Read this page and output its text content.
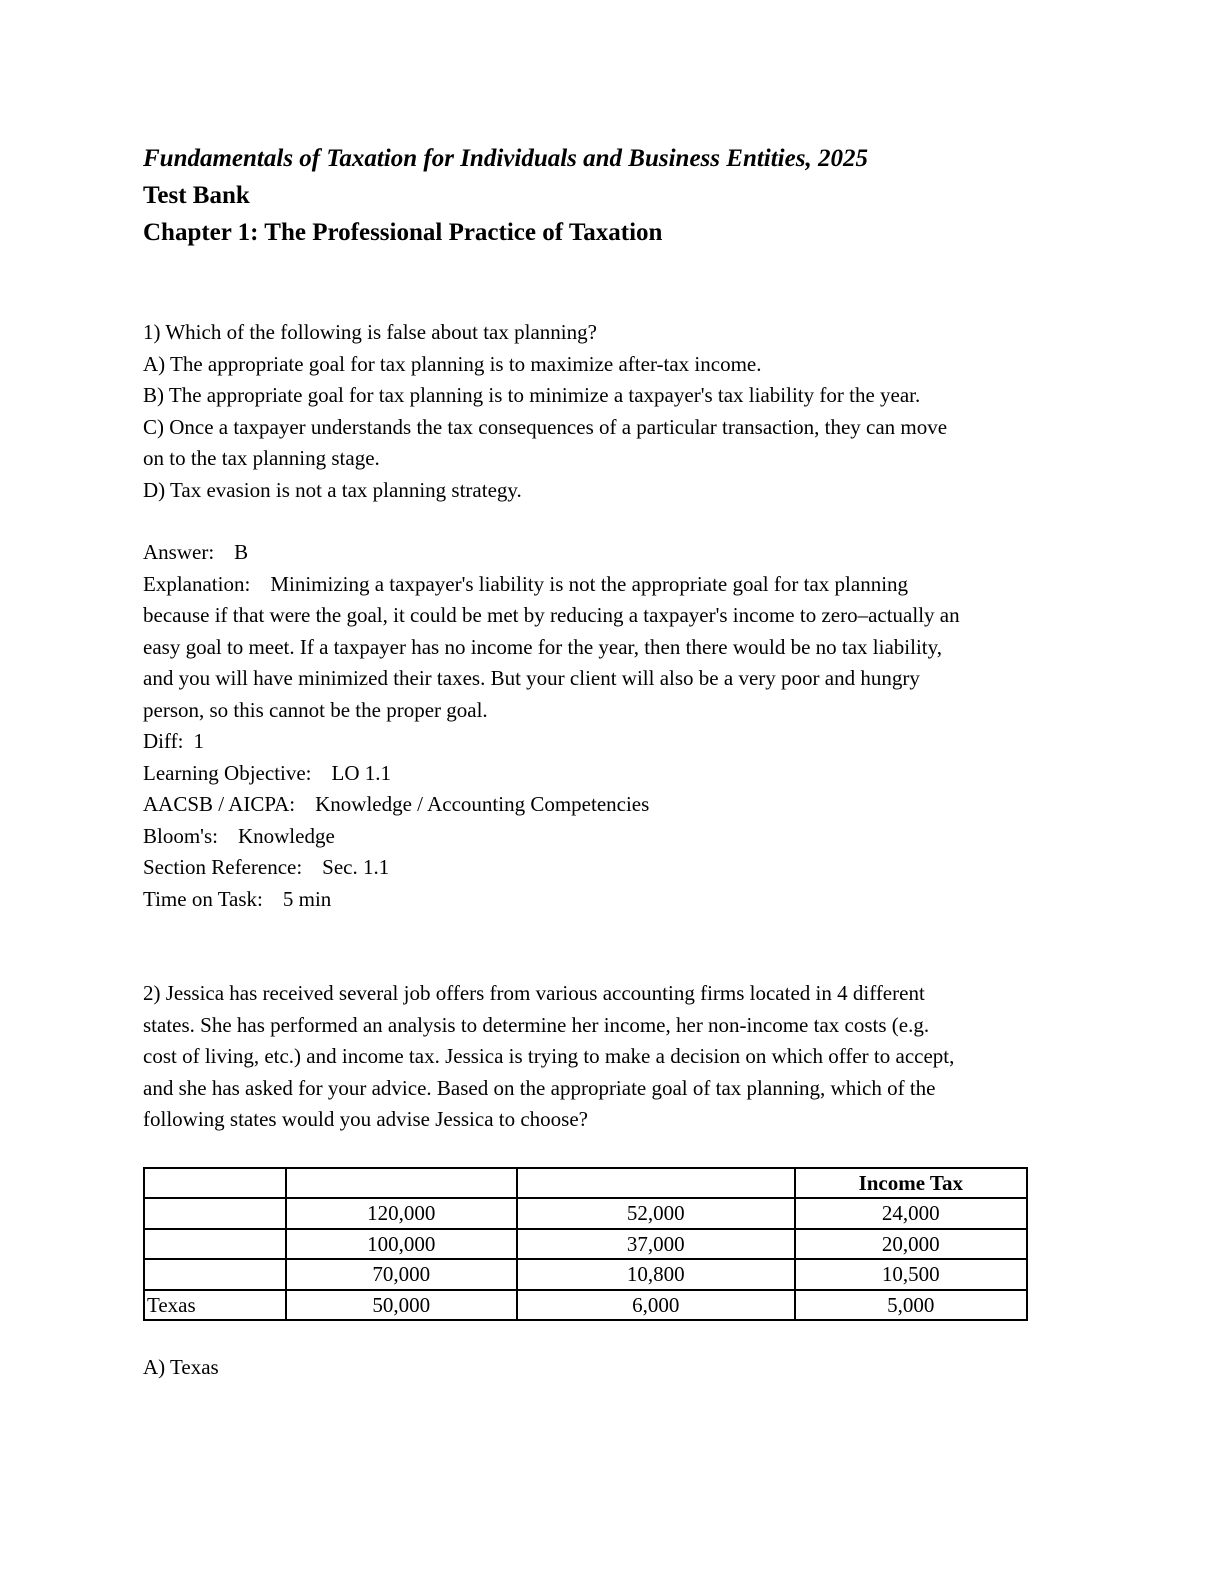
Fundamentals of Taxation for Individuals and Business Entities, 2025
Test Bank
Chapter 1: The Professional Practice of Taxation
1) Which of the following is false about tax planning?
A) The appropriate goal for tax planning is to maximize after-tax income.
B) The appropriate goal for tax planning is to minimize a taxpayer's tax liability for the year.
C) Once a taxpayer understands the tax consequences of a particular transaction, they can move
on to the tax planning stage.
D) Tax evasion is not a tax planning strategy.
Answer: B
Explanation: Minimizing a taxpayer's liability is not the appropriate goal for tax planning
because if that were the goal, it could be met by reducing a taxpayer's income to zero–actually an
easy goal to meet. If a taxpayer has no income for the year, then there would be no tax liability,
and you will have minimized their taxes. But your client will also be a very poor and hungry
person, so this cannot be the proper goal.
Diff: 1
Learning Objective: LO 1.1
AACSB / AICPA: Knowledge / Accounting Competencies
Bloom's: Knowledge
Section Reference: Sec. 1.1
Time on Task: 5 min
2) Jessica has received several job offers from various accounting firms located in 4 different
states. She has performed an analysis to determine her income, her non-income tax costs (e.g.
cost of living, etc.) and income tax. Jessica is trying to make a decision on which offer to accept,
and she has asked for your advice. Based on the appropriate goal of tax planning, which of the
following states would you advise Jessica to choose?
			Income Tax
	120,000	52,000	24,000
	100,000	37,000	20,000
	70,000	10,800	10,500
Texas	50,000	6,000	5,000
A) Texas
